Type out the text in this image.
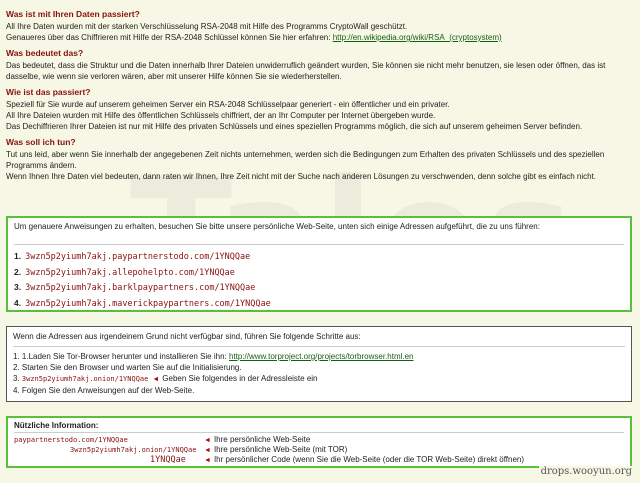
Was ist mit Ihren Daten passiert?

All Ihre Daten wurden mit der starken Verschlüsselung RSA-2048 mit Hilfe des Programms CryptoWall geschützt.

Genaueres über das Chiffrieren mit Hilfe der RSA-2048 Schlüssel können Sie hier erfahren: http://en.wikipedia.org/wiki/RSA_(cryptosystem)

Was bedeutet das?

Das bedeutet, dass die Struktur und die Daten innerhalb Ihrer Dateien unwiderruflich geändert wurden, Sie können sie nicht mehr benutzen, sie lesen oder öffnen, das ist dasselbe, wie wenn sie verloren wären, aber mit unserer Hilfe können Sie sie wiederherstellen.

Wie ist das passiert?

Speziell für Sie wurde auf unserem geheimen Server ein RSA-2048 Schlüsselpaar generiert - ein öffentlicher und ein privater.

All Ihre Dateien wurden mit Hilfe des öffentlichen Schlüssels chiffriert, der an Ihr Computer per Internet übergeben wurde.

Das Dechiffrieren Ihrer Dateien ist nur mit Hilfe des privaten Schlüssels und eines speziellen Programms möglich, die sich auf unserem geheimen Server befinden.

Was soll ich tun?

Tut uns leid, aber wenn Sie innerhalb der angegebenen Zeit nichts unternehmen, werden sich die Bedingungen zum Erhalten des privaten Schlüssels und des speziellen Programms ändern.

Wenn Ihnen Ihre Daten viel bedeuten, dann raten wir Ihnen, Ihre Zeit nicht mit der Suche nach anderen Lösungen zu verschwenden, denn solche gibt es einfach nicht.

Um genauere Anweisungen zu erhalten, besuchen Sie bitte unsere persönliche Web-Seite, unten sich einige Adressen aufgeführt, die zu uns führen:

1. 3wzn5p2yiumh7akj.paypartnerstodo.com/1YNQQae
2. 3wzn5p2yiumh7akj.allepohelpto.com/1YNQQae
3. 3wzn5p2yiumh7akj.barklpaypartners.com/1YNQQae
4. 3wzn5p2yiumh7akj.maverickpaypartners.com/1YNQQae

Wenn die Adressen aus irgendeinem Grund nicht verfügbar sind, führen Sie folgende Schritte aus:

1. 1.Laden Sie Tor-Browser herunter und installieren Sie ihn: http://www.torproject.org/projects/torbrowser.html.en

2. Starten Sie den Browser und warten Sie auf die Initialisierung.

3. 3wzn5p2yiumh7akj.onion/1YNQQae ◄ Geben Sie folgendes in der Adressleiste ein

4. Folgen Sie den Anweisungen auf der Web-Seite.

Nützliche Information:
paypartnerstodo.com/1YNQQae	◄ Ihre persönliche Web-Seite
3wzn5p2yiumh7akj.onion/1YNQQae	◄ Ihre persönliche Web-Seite (mit TOR)
1YNQQae	◄ Ihr persönlicher Code (wenn Sie die Web-Seite (oder die TOR Web-Seite) direkt öffnen)
drops.wooyun.org
